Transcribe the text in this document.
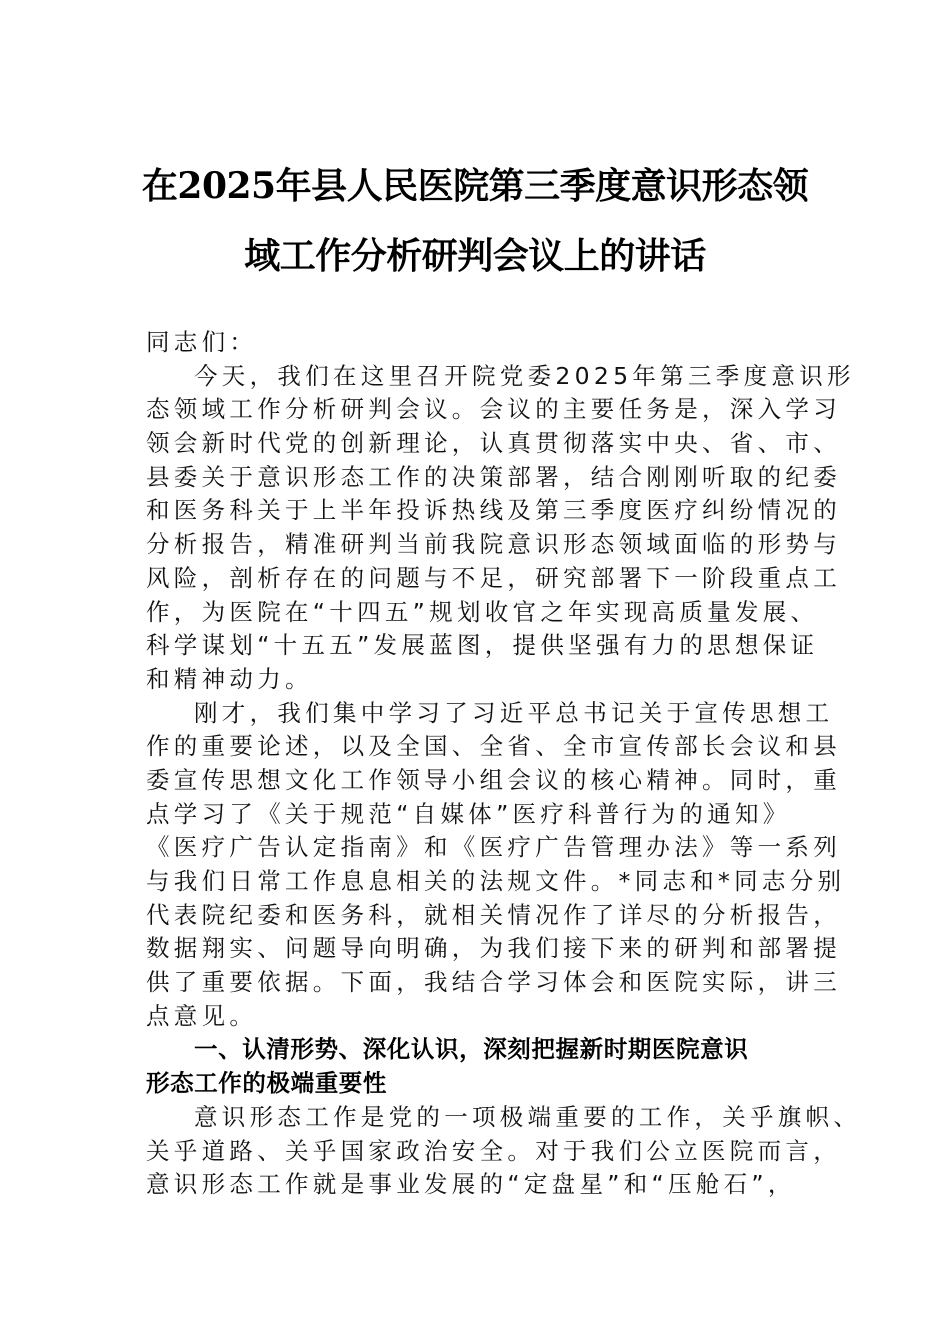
在2025年县人民医院第三季度意识形态领
域工作分析研判会议上的讲话
同志们：
今天，我们在这里召开院党委2025年第三季度意识形
态领域工作分析研判会议。会议的主要任务是，深入学习
领会新时代党的创新理论，认真贯彻落实中央、省、市、
县委关于意识形态工作的决策部署，结合刚刚听取的纪委
和医务科关于上半年投诉热线及第三季度医疗纠纷情况的
分析报告，精准研判当前我院意识形态领域面临的形势与
风险，剖析存在的问题与不足，研究部署下一阶段重点工
作，为医院在“十四五”规划收官之年实现高质量发展、
科学谋划“十五五”发展蓝图，提供坚强有力的思想保证
和精神动力。
刚才，我们集中学习了习近平总书记关于宣传思想工
作的重要论述，以及全国、全省、全市宣传部长会议和县
委宣传思想文化工作领导小组会议的核心精神。同时，重
点学习了《关于规范“自媒体”医疗科普行为的通知》
《医疗广告认定指南》和《医疗广告管理办法》等一系列
与我们日常工作息息相关的法规文件。*同志和*同志分别
代表院纪委和医务科，就相关情况作了详尽的分析报告，
数据翔实、问题导向明确，为我们接下来的研判和部署提
供了重要依据。下面，我结合学习体会和医院实际，讲三
点意见。
一、认清形势、深化认识，深刻把握新时期医院意识
形态工作的极端重要性
意识形态工作是党的一项极端重要的工作，关乎旗帜、
关乎道路、关乎国家政治安全。对于我们公立医院而言，
意识形态工作就是事业发展的“定盘星”和“压舱石”，
